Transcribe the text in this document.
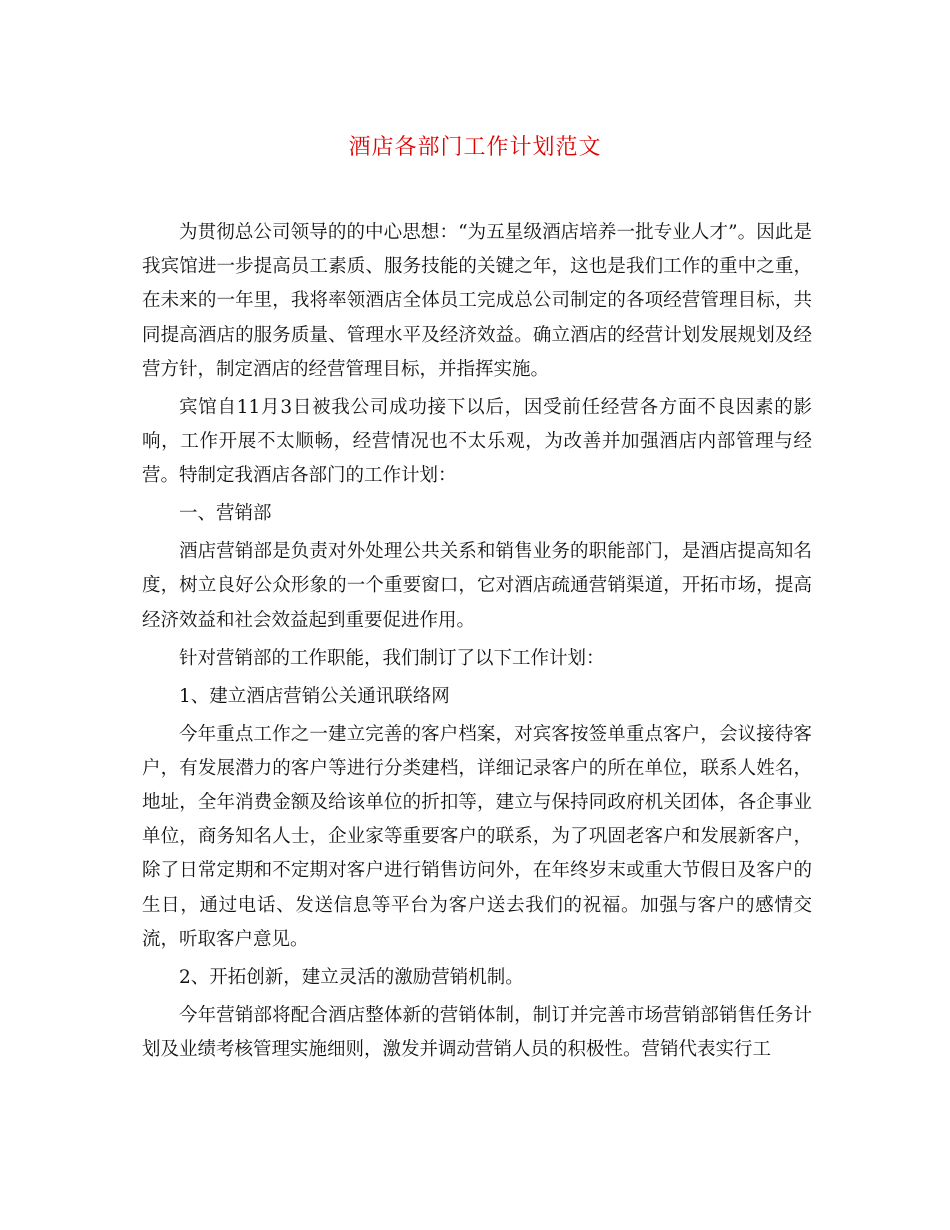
酒店各部门工作计划范文

为贯彻总公司领导的的中心思想：“为五星级酒店培养一批专业人才”。因此是我宾馆进一步提高员工素质、服务技能的关键之年，这也是我们工作的重中之重，在未来的一年里，我将率领酒店全体员工完成总公司制定的各项经营管理目标，共同提高酒店的服务质量、管理水平及经济效益。确立酒店的经营计划发展规划及经营方针，制定酒店的经营管理目标，并指挥实施。

宾馆自11月3日被我公司成功接下以后，因受前任经营各方面不良因素的影响，工作开展不太顺畅，经营情况也不太乐观，为改善并加强酒店内部管理与经营。特制定我酒店各部门的工作计划：

一、营销部

酒店营销部是负责对外处理公共关系和销售业务的职能部门，是酒店提高知名度，树立良好公众形象的一个重要窗口，它对酒店疏通营销渠道，开拓市场，提高经济效益和社会效益起到重要促进作用。

针对营销部的工作职能，我们制订了以下工作计划：

1、建立酒店营销公关通讯联络网

今年重点工作之一建立完善的客户档案，对宾客按签单重点客户，会议接待客户，有发展潜力的客户等进行分类建档，详细记录客户的所在单位，联系人姓名，地址，全年消费金额及给该单位的折扣等，建立与保持同政府机关团体，各企事业单位，商务知名人士，企业家等重要客户的联系，为了巩固老客户和发展新客户，除了日常定期和不定期对客户进行销售访问外，在年终岁末或重大节假日及客户的生日，通过电话、发送信息等平台为客户送去我们的祝福。加强与客户的感情交流，听取客户意见。

2、开拓创新，建立灵活的激励营销机制。

今年营销部将配合酒店整体新的营销体制，制订并完善市场营销部销售任务计划及业绩考核管理实施细则，激发并调动营销人员的积极性。营销代表实行工
